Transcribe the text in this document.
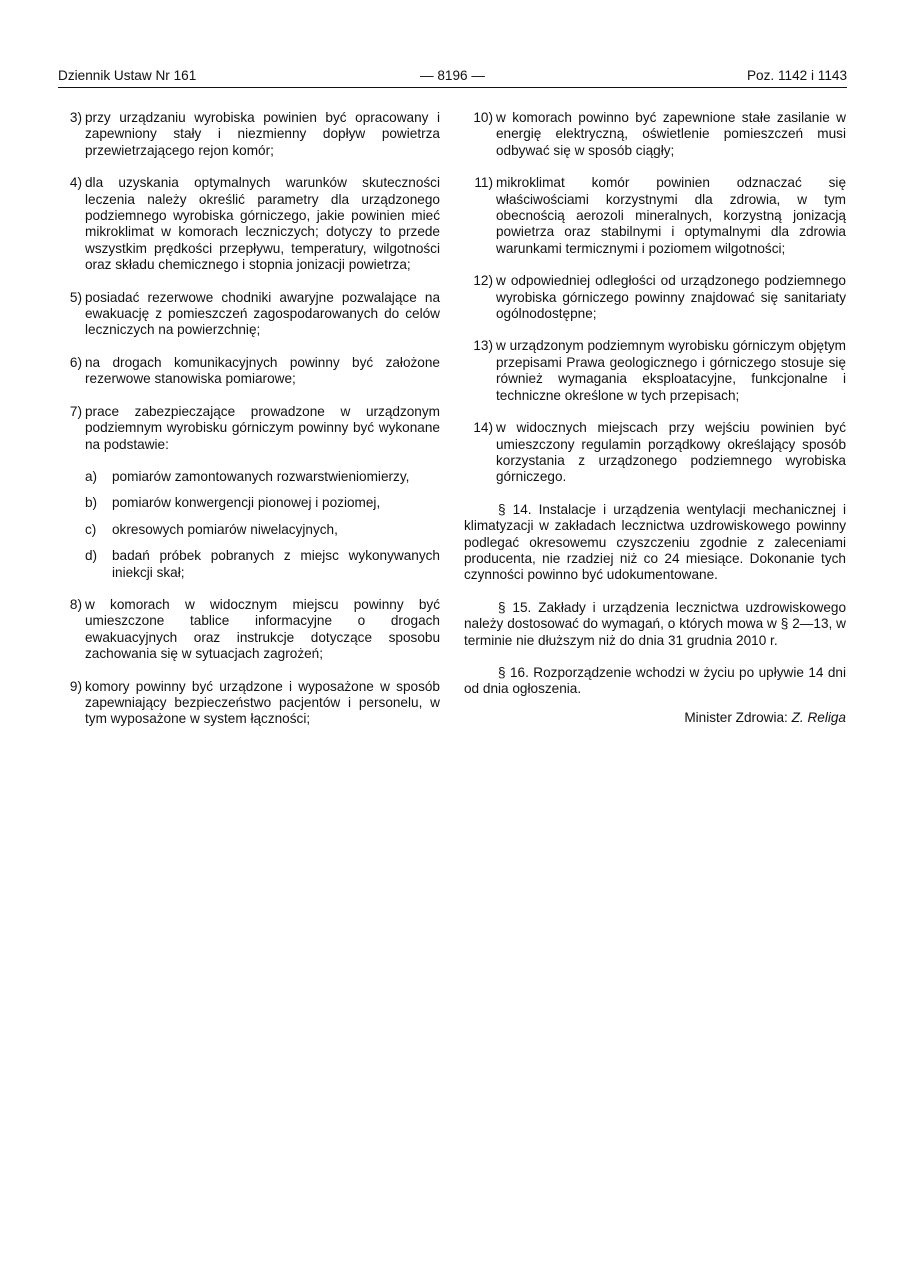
Dziennik Ustaw Nr 161	— 8196 —	Poz. 1142 i 1143
3) przy urządzaniu wyrobiska powinien być opracowany i zapewniony stały i niezmienny dopływ powietrza przewietrzającego rejon komór;
4) dla uzyskania optymalnych warunków skuteczności leczenia należy określić parametry dla urządzonego podziemnego wyrobiska górniczego, jakie powinien mieć mikroklimat w komorach leczniczych; dotyczy to przede wszystkim prędkości przepływu, temperatury, wilgotności oraz składu chemicznego i stopnia jonizacji powietrza;
5) posiadać rezerwowe chodniki awaryjne pozwalające na ewakuację z pomieszczeń zagospodarowanych do celów leczniczych na powierzchnię;
6) na drogach komunikacyjnych powinny być założone rezerwowe stanowiska pomiarowe;
7) prace zabezpieczające prowadzone w urządzonym podziemnym wyrobisku górniczym powinny być wykonane na podstawie:
a) pomiarów zamontowanych rozwarstwieniomierzy,
b) pomiarów konwergencji pionowej i poziomej,
c) okresowych pomiarów niwelacyjnych,
d) badań próbek pobranych z miejsc wykonywanych iniekcji skał;
8) w komorach w widocznym miejscu powinny być umieszczone tablice informacyjne o drogach ewakuacyjnych oraz instrukcje dotyczące sposobu zachowania się w sytuacjach zagrożeń;
9) komory powinny być urządzone i wyposażone w sposób zapewniający bezpieczeństwo pacjentów i personelu, w tym wyposażone w system łączności;
10) w komorach powinno być zapewnione stałe zasilanie w energię elektryczną, oświetlenie pomieszczeń musi odbywać się w sposób ciągły;
11) mikroklimat komór powinien odznaczać się właściwościami korzystnymi dla zdrowia, w tym obecnością aerozoli mineralnych, korzystną jonizacją powietrza oraz stabilnymi i optymalnymi dla zdrowia warunkami termicznymi i poziomem wilgotności;
12) w odpowiedniej odległości od urządzonego podziemnego wyrobiska górniczego powinny znajdować się sanitariaty ogólnodostępne;
13) w urządzonym podziemnym wyrobisku górniczym objętym przepisami Prawa geologicznego i górniczego stosuje się również wymagania eksploatacyjne, funkcjonalne i techniczne określone w tych przepisach;
14) w widocznych miejscach przy wejściu powinien być umieszczony regulamin porządkowy określający sposób korzystania z urządzonego podziemnego wyrobiska górniczego.
§ 14. Instalacje i urządzenia wentylacji mechanicznej i klimatyzacji w zakładach lecznictwa uzdrowiskowego powinny podlegać okresowemu czyszczeniu zgodnie z zaleceniami producenta, nie rzadziej niż co 24 miesiące. Dokonanie tych czynności powinno być udokumentowane.
§ 15. Zakłady i urządzenia lecznictwa uzdrowiskowego należy dostosować do wymagań, o których mowa w § 2—13, w terminie nie dłuższym niż do dnia 31 grudnia 2010 r.
§ 16. Rozporządzenie wchodzi w życiu po upływie 14 dni od dnia ogłoszenia.
Minister Zdrowia: Z. Religa
